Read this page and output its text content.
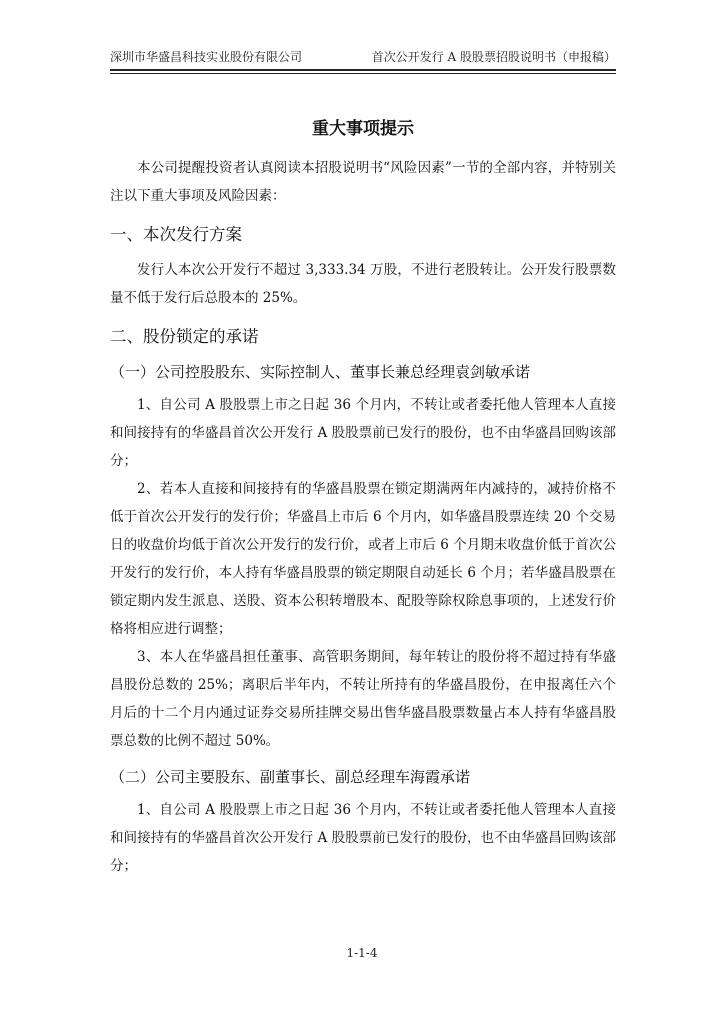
深圳市华盛昌科技实业股份有限公司	首次公开发行 A 股股票招股说明书（申报稿）
重大事项提示

本公司提醒投资者认真阅读本招股说明书“风险因素”一节的全部内容，并特别关注以下重大事项及风险因素：

一、本次发行方案

发行人本次公开发行不超过 3,333.34 万股，不进行老股转让。公开发行股票数量不低于发行后总股本的 25%。

二、股份锁定的承诺
（一）公司控股股东、实际控制人、董事长兼总经理袁剑敏承诺

1、自公司 A 股股票上市之日起 36 个月内，不转让或者委托他人管理本人直接和间接持有的华盛昌首次公开发行 A 股股票前已发行的股份，也不由华盛昌回购该部分；

2、若本人直接和间接持有的华盛昌股票在锁定期满两年内减持的，减持价格不低于首次公开发行的发行价；华盛昌上市后 6 个月内，如华盛昌股票连续 20 个交易日的收盘价均低于首次公开发行的发行价，或者上市后 6 个月期末收盘价低于首次公开发行的发行价，本人持有华盛昌股票的锁定期限自动延长 6 个月；若华盛昌股票在锁定期内发生派息、送股、资本公积转增股本、配股等除权除息事项的，上述发行价格将相应进行调整；

3、本人在华盛昌担任董事、高管职务期间，每年转让的股份将不超过持有华盛昌股份总数的 25%；离职后半年内，不转让所持有的华盛昌股份，在申报离任六个月后的十二个月内通过证券交易所挂牌交易出售华盛昌股票数量占本人持有华盛昌股票总数的比例不超过 50%。

（二）公司主要股东、副董事长、副总经理车海霞承诺

1、自公司 A 股股票上市之日起 36 个月内，不转让或者委托他人管理本人直接和间接持有的华盛昌首次公开发行 A 股股票前已发行的股份，也不由华盛昌回购该部分；

1-1-4
